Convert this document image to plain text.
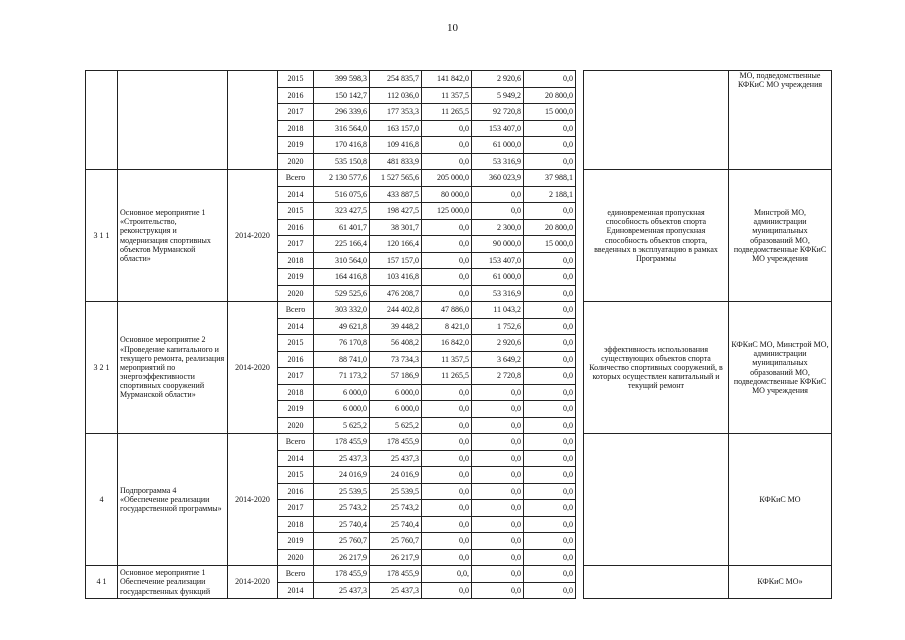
10
			2015	399 598,3	254 835,7	141 842,0	2 920,6	0,0			МО, подведомственные КФКиС МО учреждения
			2016	150 142,7	112 036,0	11 357,5	5 949,2	20 800,0			
			2017	296 339,6	177 353,3	11 265,5	92 720,8	15 000,0			
			2018	316 564,0	163 157,0	0,0	153 407,0	0,0			
			2019	170 416,8	109 416,8	0,0	61 000,0	0,0			
			2020	535 150,8	481 833,9	0,0	53 316,9	0,0			
3 1 1	Основное мероприятие 1 «Строительство, реконструкция и модернизация спортивных объектов Мурманской области»	2014-2020	Всего	2 130 577,6	1 527 565,6	205 000,0	360 023,9	37 988,1		единовременная пропускная способность объектов спорта Единовременная пропускная способность объектов спорта, введенных в эксплуатацию в рамках Программы	Минстрой МО, администрации муниципальных образований МО, подведомственные КФКиС МО учреждения
			2014	516 075,6	433 887,5	80 000,0	0,0	2 188,1			
			2015	323 427,5	198 427,5	125 000,0	0,0	0,0			
			2016	61 401,7	38 301,7	0,0	2 300,0	20 800,0			
			2017	225 166,4	120 166,4	0,0	90 000,0	15 000,0			
			2018	310 564,0	157 157,0	0,0	153 407,0	0,0			
			2019	164 416,8	103 416,8	0,0	61 000,0	0,0			
			2020	529 525,6	476 208,7	0,0	53 316,9	0,0			
3 2 1	Основное мероприятие 2 «Проведение капитального и текущего ремонта, реализация мероприятий по энергоэффективности спортивных сооружений Мурманской области»	2014-2020	Всего	303 332,0	244 402,8	47 886,0	11 043,2	0,0		эффективность использования существующих объектов спорта Количество спортивных сооружений, в которых осуществлен капитальный и текущий ремонт	КФКиС МО, Минстрой МО, администрации муниципальных образований МО, подведомственные КФКиС МО учреждения
			2014	49 621,8	39 448,2	8 421,0	1 752,6	0,0			
			2015	76 170,8	56 408,2	16 842,0	2 920,6	0,0			
			2016	88 741,0	73 734,3	11 357,5	3 649,2	0,0			
			2017	71 173,2	57 186,9	11 265,5	2 720,8	0,0			
			2018	6 000,0	6 000,0	0,0	0,0	0,0			
			2019	6 000,0	6 000,0	0,0	0,0	0,0			
			2020	5 625,2	5 625,2	0,0	0,0	0,0			
4	Подпрограмма 4 «Обеспечение реализации государственной программы»	2014-2020	Всего	178 455,9	178 455,9	0,0	0,0	0,0			КФКиС МО
			2014	25 437,3	25 437,3	0,0	0,0	0,0			
			2015	24 016,9	24 016,9	0,0	0,0	0,0			
			2016	25 539,5	25 539,5	0,0	0,0	0,0			
			2017	25 743,2	25 743,2	0,0	0,0	0,0			
			2018	25 740,4	25 740,4	0,0	0,0	0,0			
			2019	25 760,7	25 760,7	0,0	0,0	0,0			
			2020	26 217,9	26 217,9	0,0	0,0	0,0			
4 1	Основное мероприятие 1 Обеспечение реализации государственных функций	2014-2020	Всего	178 455,9	178 455,9	0,0,	0,0	0,0			КФКиС МО»
			2014	25 437,3	25 437,3	0,0	0,0	0,0			
